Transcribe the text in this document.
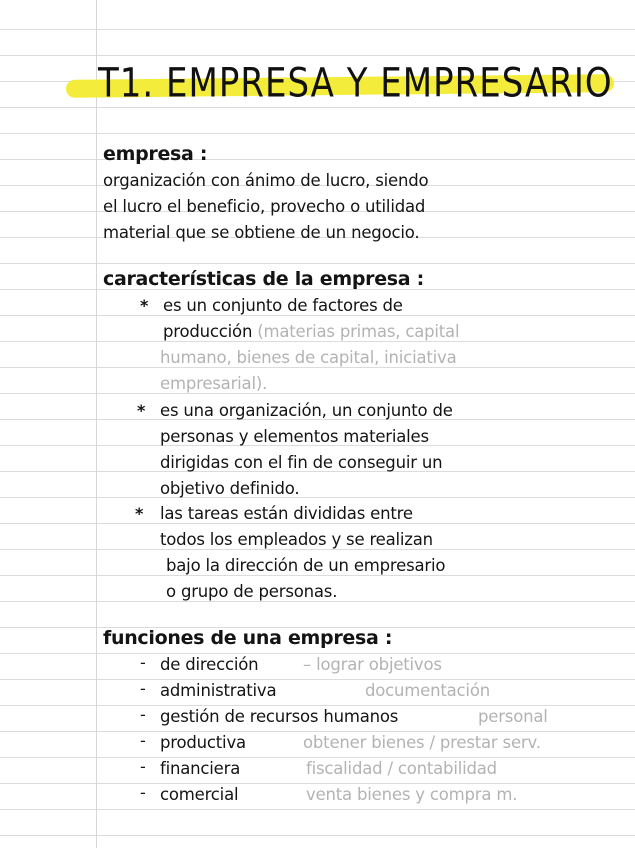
T1. EMPRESA Y EMPRESARIO
empresa :
organización con ánimo de lucro, siendo
el lucro el beneficio, provecho o utilidad
material que se obtiene de un negocio.
características de la empresa :
* es un conjunto de factores de
producción (materias primas, capital
humano, bienes de capital, iniciativa
empresarial).
* es una organización, un conjunto de
personas y elementos materiales
dirigidas con el fin de conseguir un
objetivo definido.
* las tareas están divididas entre
todos los empleados y se realizan
bajo la dirección de un empresario
o grupo de personas.
funciones de una empresa :
- de dirección	– lograr objetivos
- administrativa	documentación
- gestión de recursos humanos	personal
- productiva	obtener bienes / prestar serv.
- financiera	fiscalidad / contabilidad
- comercial	venta bienes y compra m.
